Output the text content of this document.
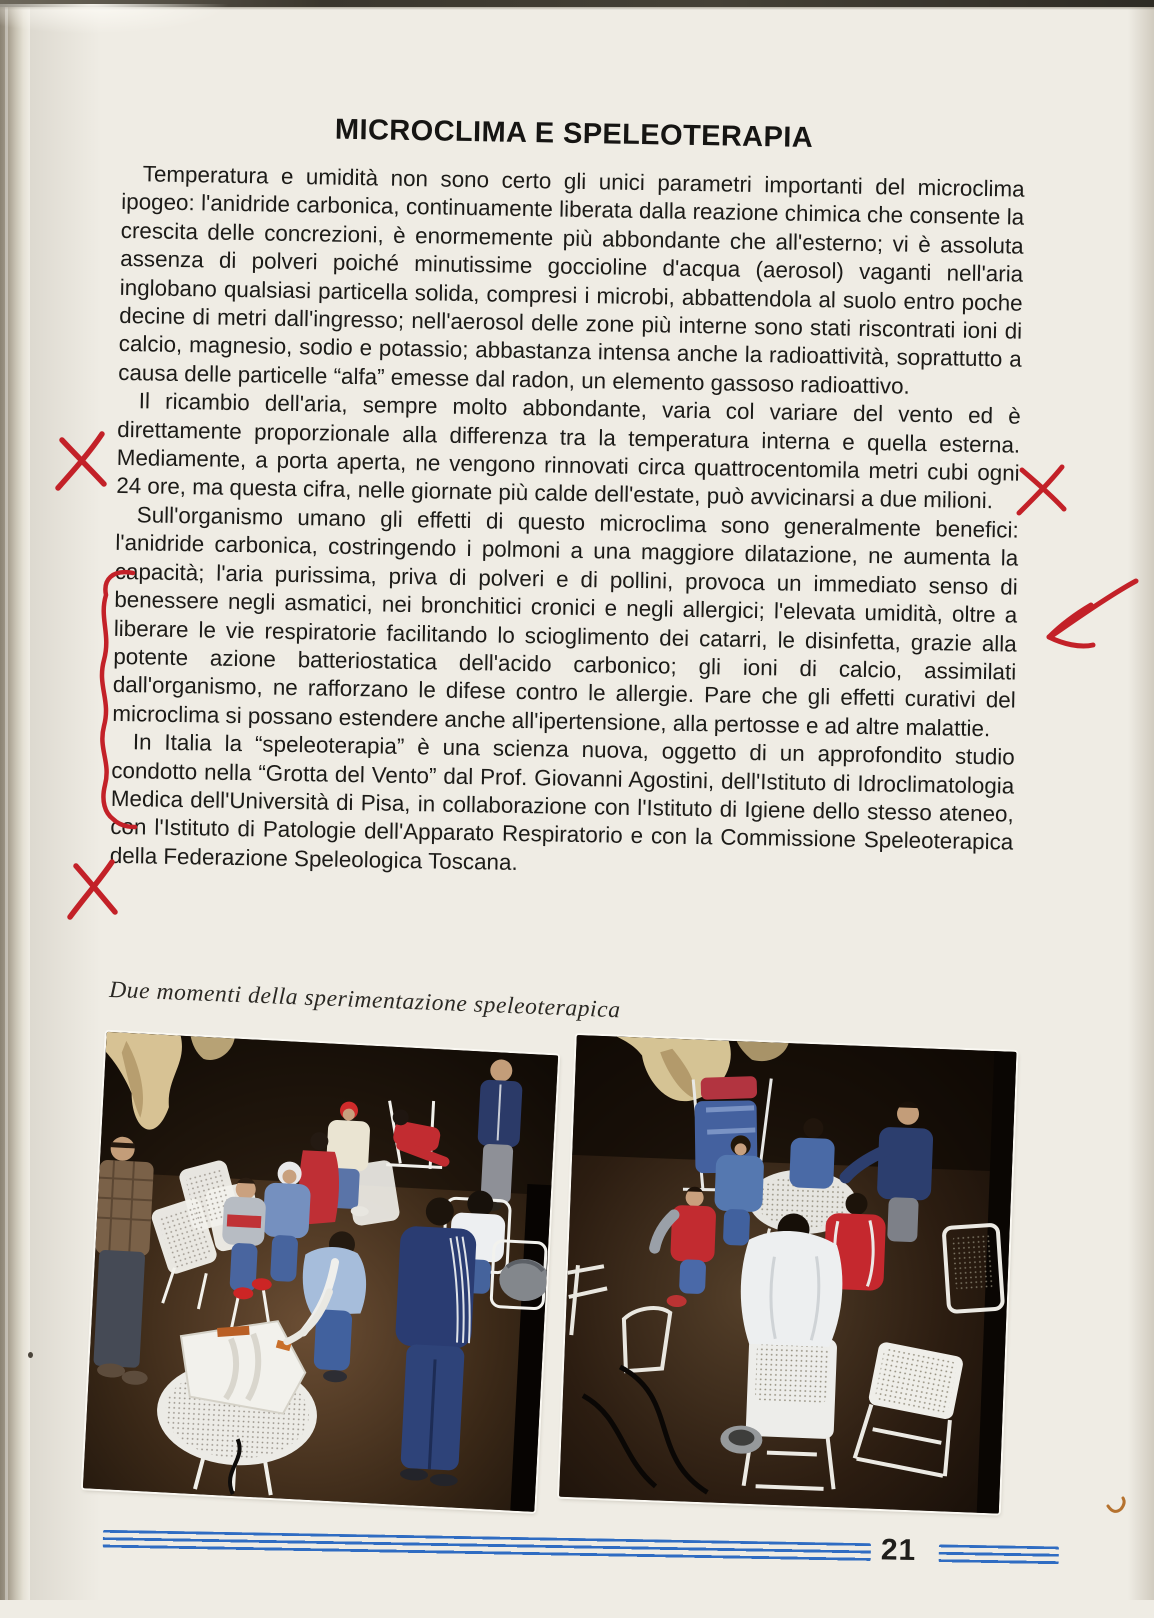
MICROCLIMA E SPELEOTERAPIA

Temperatura e umidità non sono certo gli unici parametri importanti del microclima ipogeo: l'anidride carbonica, continuamente liberata dalla reazione chimica che consente la crescita delle concrezioni, è enormemente più abbondante che all'esterno; vi è assoluta assenza di polveri poiché minutissime goccioline d'acqua (aerosol) vaganti nell'aria inglobano qualsiasi particella solida, compresi i microbi, abbattendola al suolo entro poche decine di metri dall'ingresso; nell'aerosol delle zone più interne sono stati riscontrati ioni di calcio, magnesio, sodio e potassio; abbastanza intensa anche la radioattività, soprattutto a causa delle particelle “alfa” emesse dal radon, un elemento gassoso radioattivo.

Il ricambio dell'aria, sempre molto abbondante, varia col variare del vento ed è direttamente proporzionale alla differenza tra la temperatura interna e quella esterna. Mediamente, a porta aperta, ne vengono rinnovati circa quattrocentomila metri cubi ogni 24 ore, ma questa cifra, nelle giornate più calde dell'estate, può avvicinarsi a due milioni.

Sull'organismo umano gli effetti di questo microclima sono generalmente benefici: l'anidride carbonica, costringendo i polmoni a una maggiore dilatazione, ne aumenta la capacità; l'aria purissima, priva di polveri e di pollini, provoca un immediato senso di benessere negli asmatici, nei bronchitici cronici e negli allergici; l'elevata umidità, oltre a liberare le vie respiratorie facilitando lo scioglimento dei catarri, le disinfetta, grazie alla potente azione batteriostatica dell'acido carbonico; gli ioni di calcio, assimilati dall'organismo, ne rafforzano le difese contro le allergie. Pare che gli effetti curativi del microclima si possano estendere anche all'ipertensione, alla pertosse e ad altre malattie.

In Italia la “speleoterapia” è una scienza nuova, oggetto di un approfondito studio condotto nella “Grotta del Vento” dal Prof. Giovanni Agostini, dell'Istituto di Idroclimatologia Medica dell'Università di Pisa, in collaborazione con l'Istituto di Igiene dello stesso ateneo, con l'Istituto di Patologie dell'Apparato Respiratorio e con la Commissione Speleoterapica della Federazione Speleologica Toscana.

Due momenti della sperimentazione speleoterapica
21
